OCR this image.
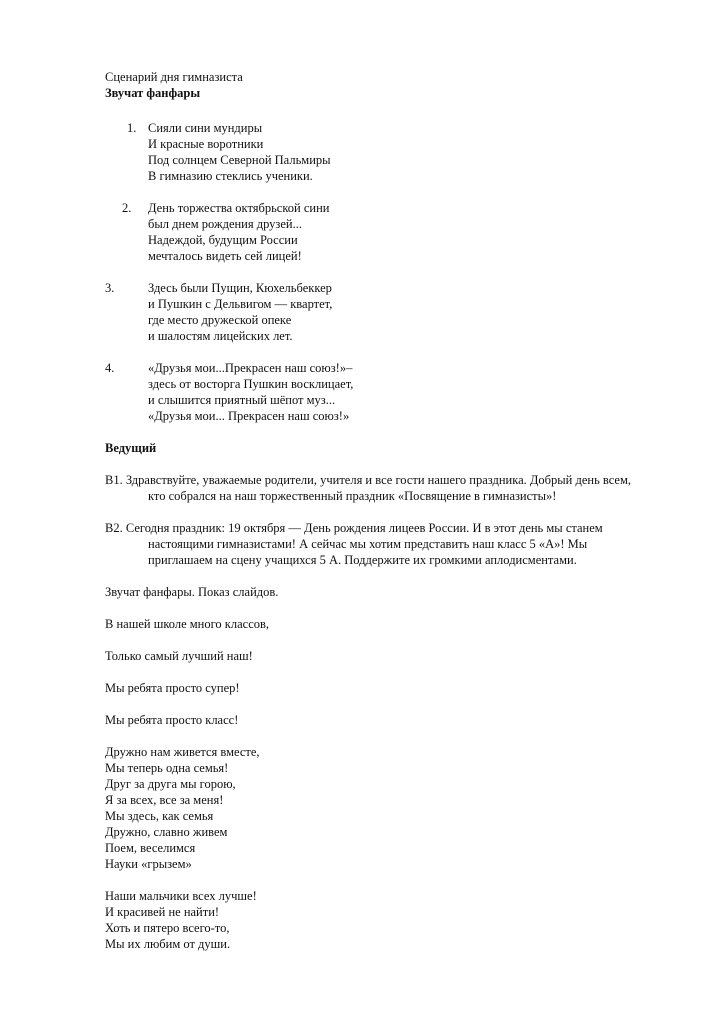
Сценарий дня гимназиста
Звучат фанфары
1. Сияли сини мундиры
И красные воротники
Под солнцем Северной Пальмиры
В гимназию стеклись ученики.
2. День торжества октябрьской сини
был днем рождения друзей...
Надеждой, будущим России
мечталось видеть сей лицей!
3.	Здесь были Пущин, Кюхельбеккер
и Пушкин с Дельвигом — квартет,
где место дружеской опеке
и шалостям лицейских лет.
4.	«Друзья мои...Прекрасен наш союз!»–
здесь от восторга Пушкин восклицает,
и слышится приятный шёпот муз...
«Друзья мои... Прекрасен наш союз!»
Ведущий
В1. Здравствуйте, уважаемые родители, учителя и все гости нашего праздника. Добрый день всем,
кто собрался на наш торжественный праздник «Посвящение в гимназисты»!
В2. Сегодня праздник: 19 октября — День рождения лицеев России. И в этот день мы станем
настоящими гимназистами! А сейчас мы хотим представить наш класс 5 «А»! Мы
приглашаем на сцену учащихся 5 А. Поддержите их громкими аплодисментами.
Звучат фанфары. Показ слайдов.
В нашей школе много классов,
Только самый лучший наш!
Мы ребята просто супер!
Мы ребята просто класс!
Дружно нам живется вместе,
Мы теперь одна семья!
Друг за друга мы горою,
Я за всех, все за меня!
Мы здесь, как семья
Дружно, славно живем
Поем, веселимся
Науки «грызем»
Наши мальчики всех лучше!
И красивей не найти!
Хоть и пятеро всего-то,
Мы их любим от души.
